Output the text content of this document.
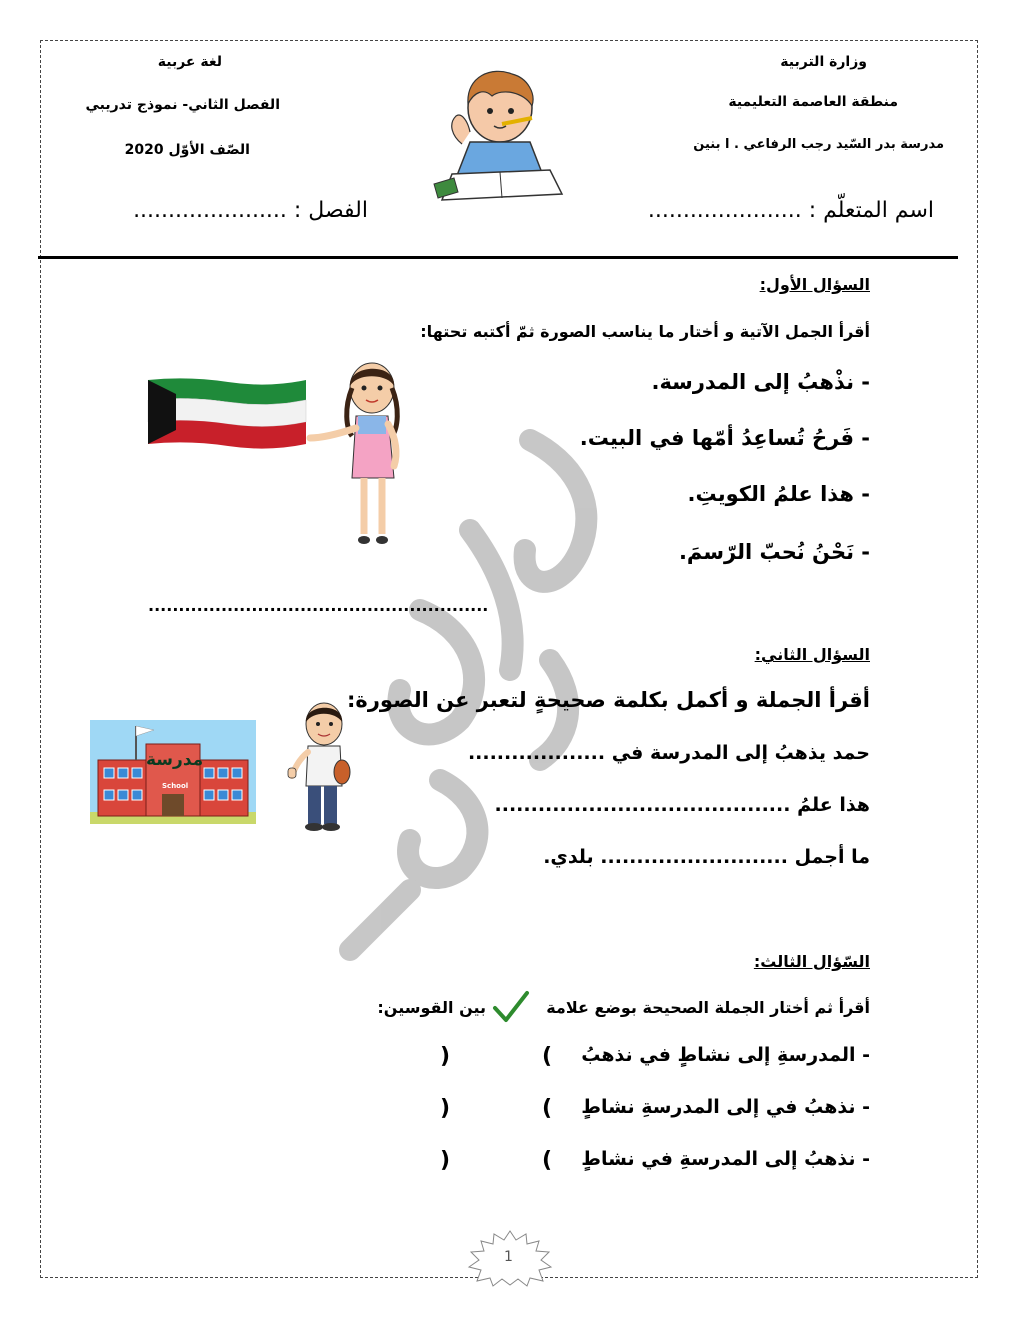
خولة سامي
وزارة التربية
منطقة العاصمة التعليمية
مدرسة بدر السّيد رجب الرفاعي . ا بنين
لغة عربية
الفصل الثاني- نموذج تدريبي
الصّف الأوّل 2020
اسم المتعلّم : ......................
الفصل : ......................
السؤال الأول:
أقرأ الجمل الآتية و أختار ما يناسب الصورة ثمّ أكتبه تحتها:
- نذْهبُ إلى المدرسة.
- فَرحُ تُساعِدُ أمّها في البيت.
- هذا علمُ الكويتِ.
- نَحْنُ نُحبّ الرّسمَ.
........................................................
السؤال الثاني:
أقرأ الجملة و أكمل بكلمة صحيحةٍ لتعبر عن الصورة:
حمد يذهبُ إلى المدرسة في ...................
هذا علمُ .........................................
ما أجمل .......................... بلدي.
مدرسة
School
السّؤال الثالث:
أقرأ ثم أختار الجملة الصحيحة بوضع علامة
بين القوسين:
- المدرسةِ إلى نشاطٍ في نذهبُ
(
)
- نذهبُ في إلى المدرسةِ نشاطٍ
(
)
- نذهبُ إلى المدرسةِ في نشاطٍ
(
)
1
